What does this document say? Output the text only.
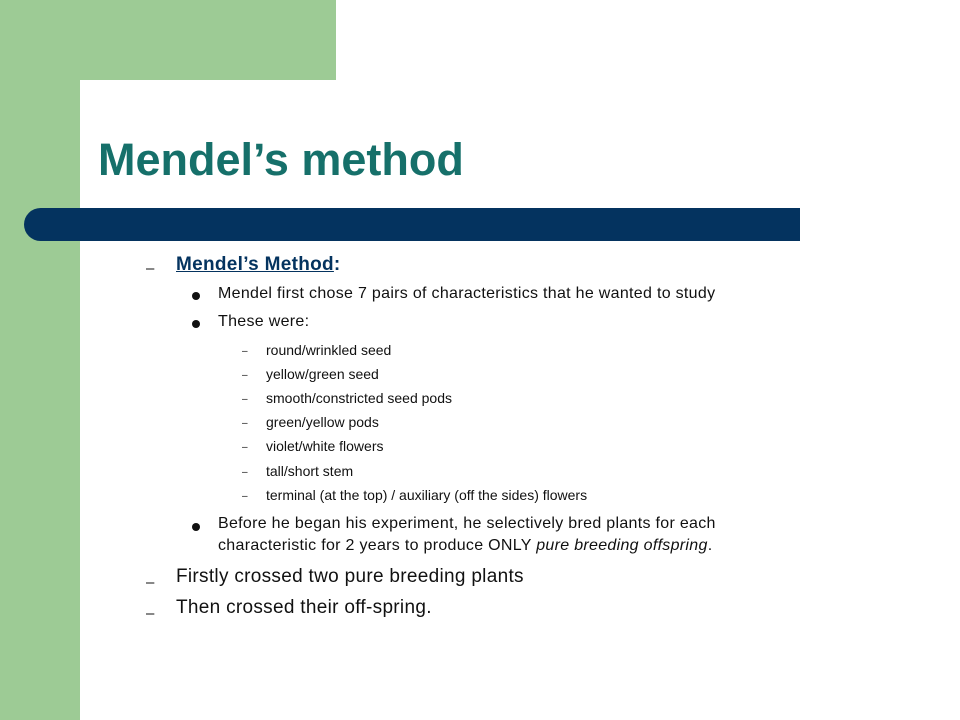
Mendel’s method
– Mendel’s Method:
Mendel first chose 7 pairs of characteristics that he wanted to study
These were:
– round/wrinkled seed
– yellow/green seed
– smooth/constricted seed pods
– green/yellow pods
– violet/white flowers
– tall/short stem
– terminal (at the top) / auxiliary (off the sides) flowers
Before he began his experiment, he selectively bred plants for each
characteristic for 2 years to produce ONLY pure breeding offspring.
– Firstly crossed two pure breeding plants
– Then crossed their off-spring.
